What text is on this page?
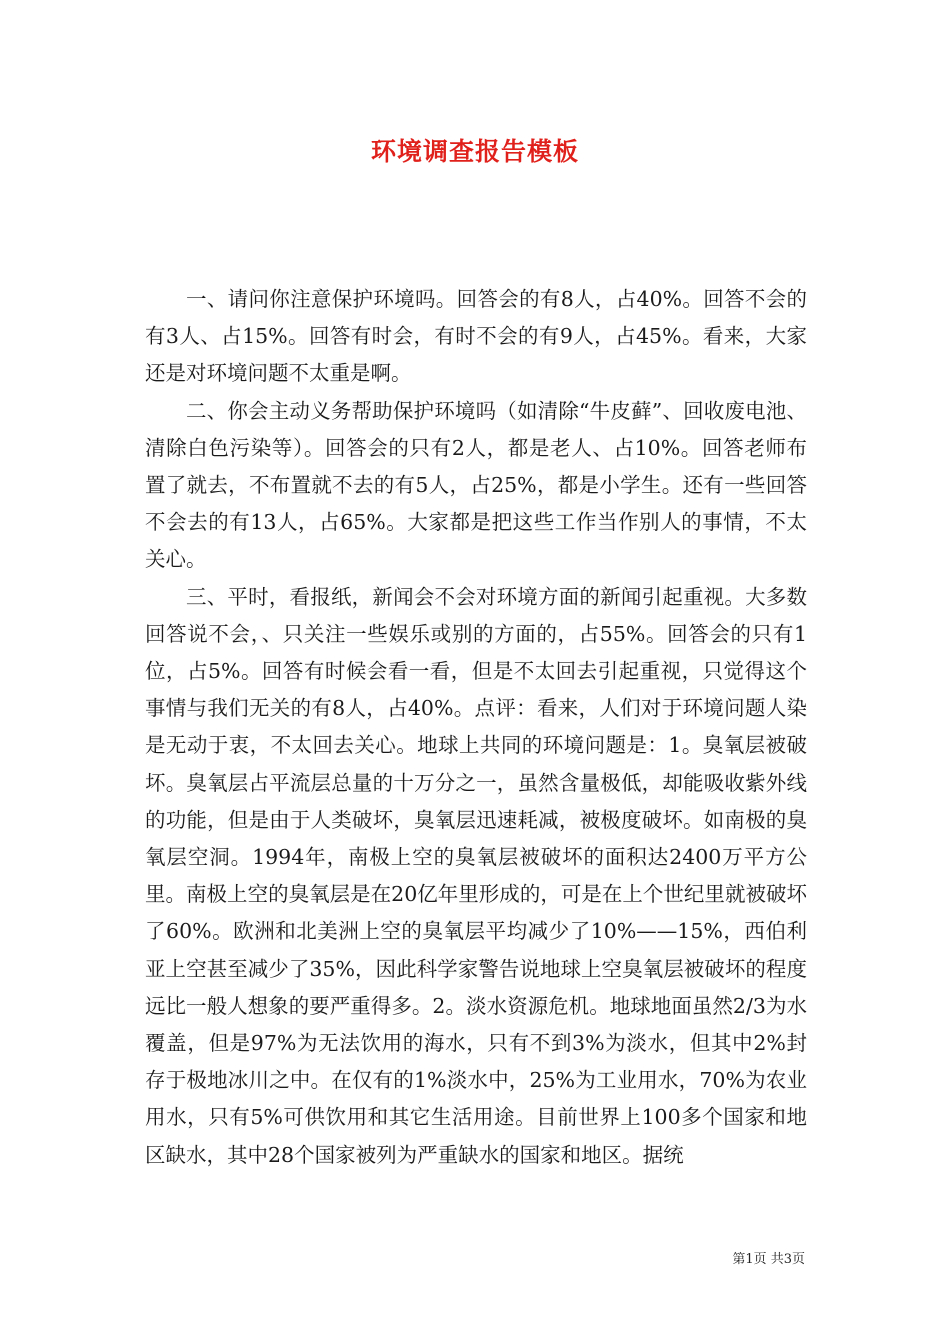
环境调查报告模板

一、请问你注意保护环境吗。回答会的有8人，占40%。回答不会的有3人、占15%。回答有时会，有时不会的有9人，占45%。看来，大家还是对环境问题不太重是啊。

二、你会主动义务帮助保护环境吗（如清除“牛皮藓”、回收废电池、清除白色污染等）。回答会的只有2人，都是老人、占10%。回答老师布置了就去，不布置就不去的有5人，占25%，都是小学生。还有一些回答不会去的有13人，占65%。大家都是把这些工作当作别人的事情，不太关心。

三、平时，看报纸，新闻会不会对环境方面的新闻引起重视。大多数回答说不会，、只关注一些娱乐或别的方面的，占55%。回答会的只有1位，占5%。回答有时候会看一看，但是不太回去引起重视，只觉得这个事情与我们无关的有8人，占40%。点评：看来，人们对于环境问题人染是无动于衷，不太回去关心。地球上共同的环境问题是：1。臭氧层被破坏。臭氧层占平流层总量的十万分之一，虽然含量极低，却能吸收紫外线的功能，但是由于人类破坏，臭氧层迅速耗减，被极度破坏。如南极的臭氧层空洞。1994年，南极上空的臭氧层被破坏的面积达2400万平方公里。南极上空的臭氧层是在20亿年里形成的，可是在上个世纪里就被破坏了60%。欧洲和北美洲上空的臭氧层平均减少了10%——15%，西伯利亚上空甚至减少了35%，因此科学家警告说地球上空臭氧层被破坏的程度远比一般人想象的要严重得多。2。淡水资源危机。地球地面虽然2/3为水覆盖，但是97%为无法饮用的海水，只有不到3%为淡水，但其中2%封存于极地冰川之中。在仅有的1%淡水中，25%为工业用水，70%为农业用水，只有5%可供饮用和其它生活用途。目前世界上100多个国家和地区缺水，其中28个国家被列为严重缺水的国家和地区。据统

第1页 共3页
